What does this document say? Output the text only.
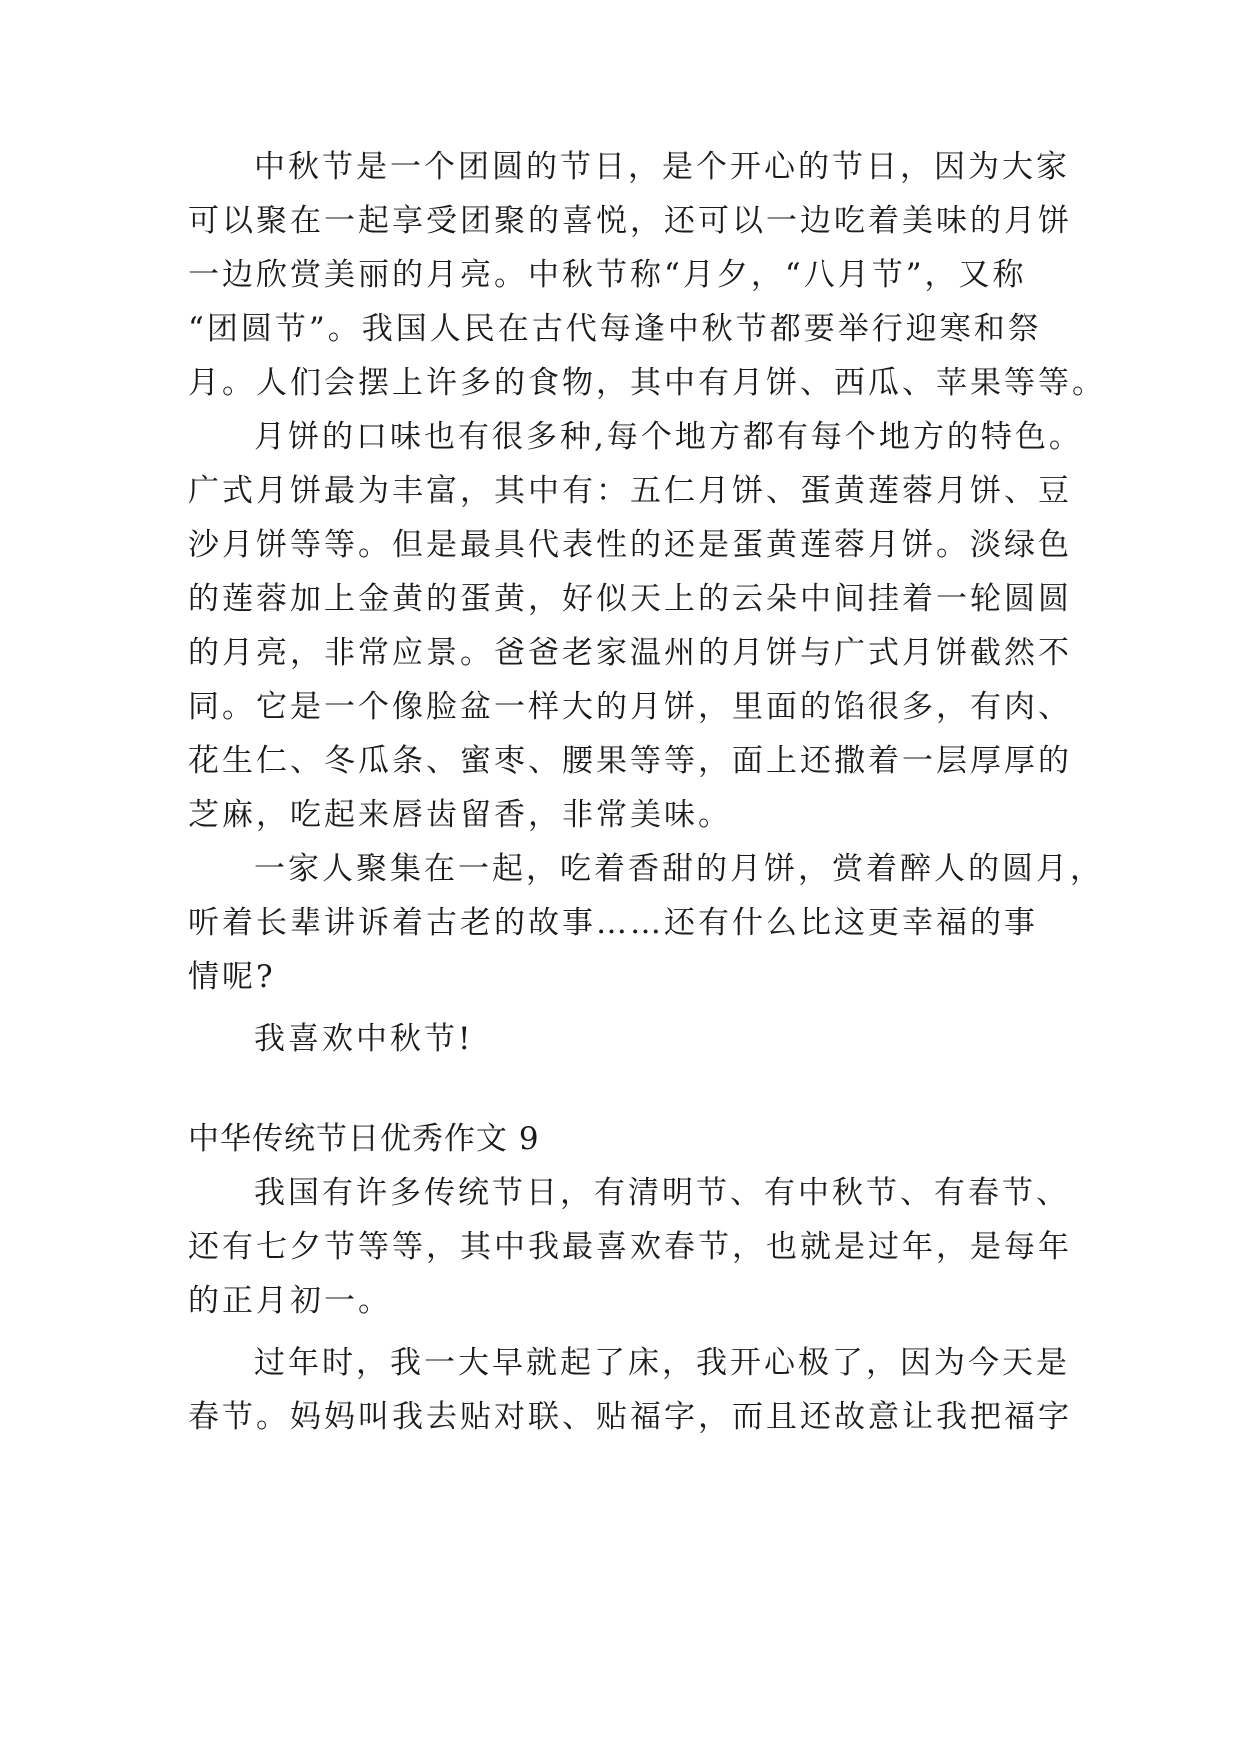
中秋节是一个团圆的节日，是个开心的节日，因为大家

可以聚在一起享受团聚的喜悦，还可以一边吃着美味的月饼

一边欣赏美丽的月亮。中秋节称“月夕，“八月节”，又称

“团圆节”。我国人民在古代每逢中秋节都要举行迎寒和祭

月。人们会摆上许多的食物，其中有月饼、西瓜、苹果等等。

月饼的口味也有很多种,每个地方都有每个地方的特色。

广式月饼最为丰富，其中有：五仁月饼、蛋黄莲蓉月饼、豆

沙月饼等等。但是最具代表性的还是蛋黄莲蓉月饼。淡绿色

的莲蓉加上金黄的蛋黄，好似天上的云朵中间挂着一轮圆圆

的月亮，非常应景。爸爸老家温州的月饼与广式月饼截然不

同。它是一个像脸盆一样大的月饼，里面的馅很多，有肉、

花生仁、冬瓜条、蜜枣、腰果等等，面上还撒着一层厚厚的

芝麻，吃起来唇齿留香，非常美味。

一家人聚集在一起，吃着香甜的月饼，赏着醉人的圆月，

听着长辈讲诉着古老的故事……还有什么比这更幸福的事

情呢?

我喜欢中秋节!

中华传统节日优秀作文 9

我国有许多传统节日，有清明节、有中秋节、有春节、

还有七夕节等等，其中我最喜欢春节，也就是过年，是每年

的正月初一。

过年时，我一大早就起了床，我开心极了，因为今天是

春节。妈妈叫我去贴对联、贴福字，而且还故意让我把福字
